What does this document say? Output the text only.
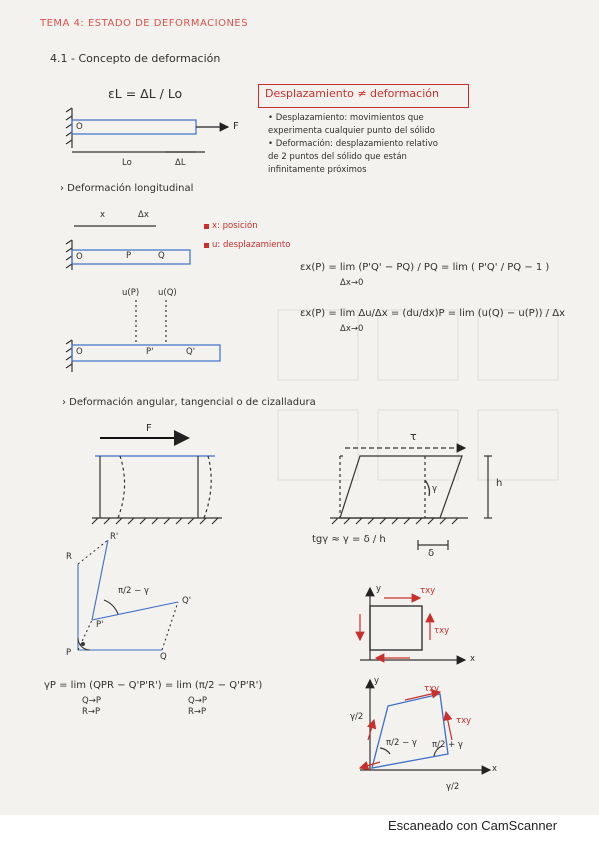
TEMA 4: ESTADO DE DEFORMACIONES
4.1 - Concepto de deformación
εL = ΔL / Lo
F
O
Lo	ΔL
Desplazamiento ≠ deformación
• Desplazamiento: movimientos que
experimenta cualquier punto del sólido
• Deformación: desplazamiento relativo
de 2 puntos del sólido que están
infinitamente próximos
› Deformación longitudinal
x	Δx
x: posición
u: desplazamiento
O	P	Q
u(P) u(Q)
O	P'	Q'
εx(P) = lim (P'Q' − PQ) / PQ = lim ( P'Q' / PQ − 1 )
Δx→0
εx(P) = lim Δu/Δx = (du/dx)P = lim (u(Q) − u(P)) / Δx
Δx→0
› Deformación angular, tangencial o de cizalladura
F
τ
h
γ
tgγ ≈ γ = δ / h
δ
R
R'
P
P'
Q
Q'
π/2 − γ
γP = lim (QPR − Q'P'R') = lim (π/2 − Q'P'R')
Q→P
R→P
Q→P
R→P
y
x
τxy
τxy
y
x
τxy
τxy
γ/2
γ/2
π/2 − γ π/2 + γ
Escaneado con CamScanner
